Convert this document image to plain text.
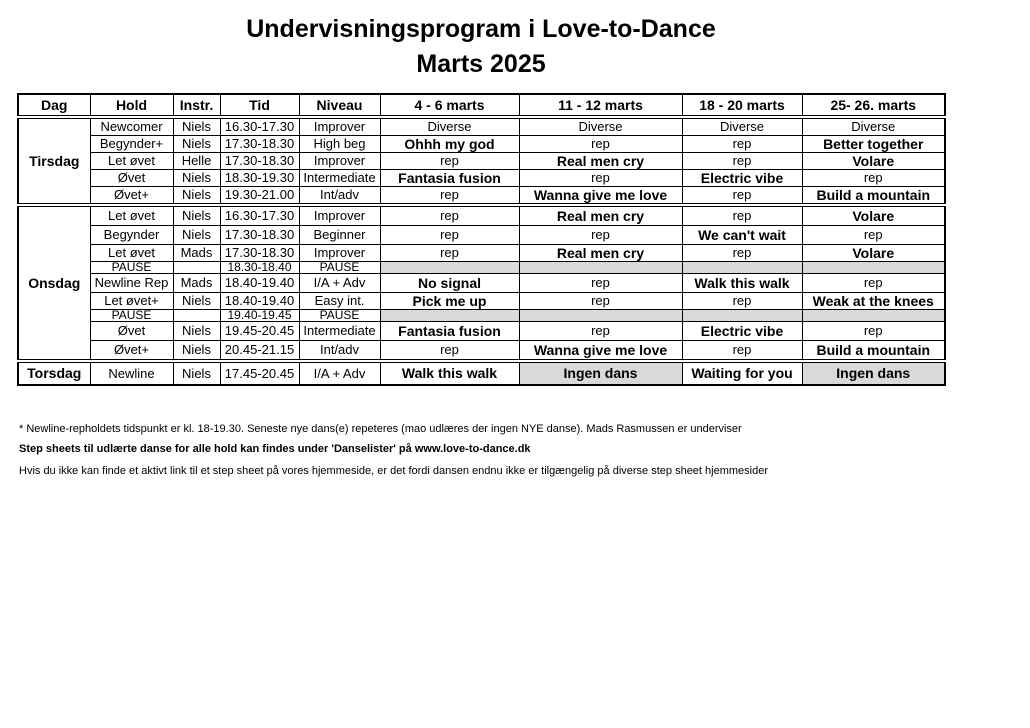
Undervisningsprogram i Love-to-Dance
Marts 2025
Dag	Hold	Instr.	Tid	Niveau	4 - 6 marts	11 - 12 marts	18 - 20 marts	25- 26. marts
Tirsdag	Newcomer	Niels	16.30-17.30	Improver	Diverse	Diverse	Diverse	Diverse
	Begynder+	Niels	17.30-18.30	High beg	Ohhh my god	rep	rep	Better together
	Let øvet	Helle	17.30-18.30	Improver	rep	Real men cry	rep	Volare
	Øvet	Niels	18.30-19.30	Intermediate	Fantasia fusion	rep	Electric vibe	rep
	Øvet+	Niels	19.30-21.00	Int/adv	rep	Wanna give me love	rep	Build a mountain
Onsdag	Let øvet	Niels	16.30-17.30	Improver	rep	Real men cry	rep	Volare
	Begynder	Niels	17.30-18.30	Beginner	rep	rep	We can't wait	rep
	Let øvet	Mads	17.30-18.30	Improver	rep	Real men cry	rep	Volare
	PAUSE		18.30-18.40	PAUSE				
	Newline Rep	Mads	18.40-19.40	I/A + Adv	No signal	rep	Walk this walk	rep
	Let øvet+	Niels	18.40-19.40	Easy int.	Pick me up	rep	rep	Weak at the knees
	PAUSE		19.40-19.45	PAUSE				
	Øvet	Niels	19.45-20.45	Intermediate	Fantasia fusion	rep	Electric vibe	rep
	Øvet+	Niels	20.45-21.15	Int/adv	rep	Wanna give me love	rep	Build a mountain
Torsdag	Newline	Niels	17.45-20.45	I/A + Adv	Walk this walk	Ingen dans	Waiting for you	Ingen dans
* Newline-repholdets tidspunkt er kl. 18-19.30. Seneste nye dans(e) repeteres (mao udlæres der ingen NYE danse). Mads Rasmussen er underviser
Step sheets til udlærte danse for alle hold kan findes under 'Danselister' på www.love-to-dance.dk
Hvis du ikke kan finde et aktivt link til et step sheet på vores hjemmeside, er det fordi dansen endnu ikke er tilgængelig på diverse step sheet hjemmesider
